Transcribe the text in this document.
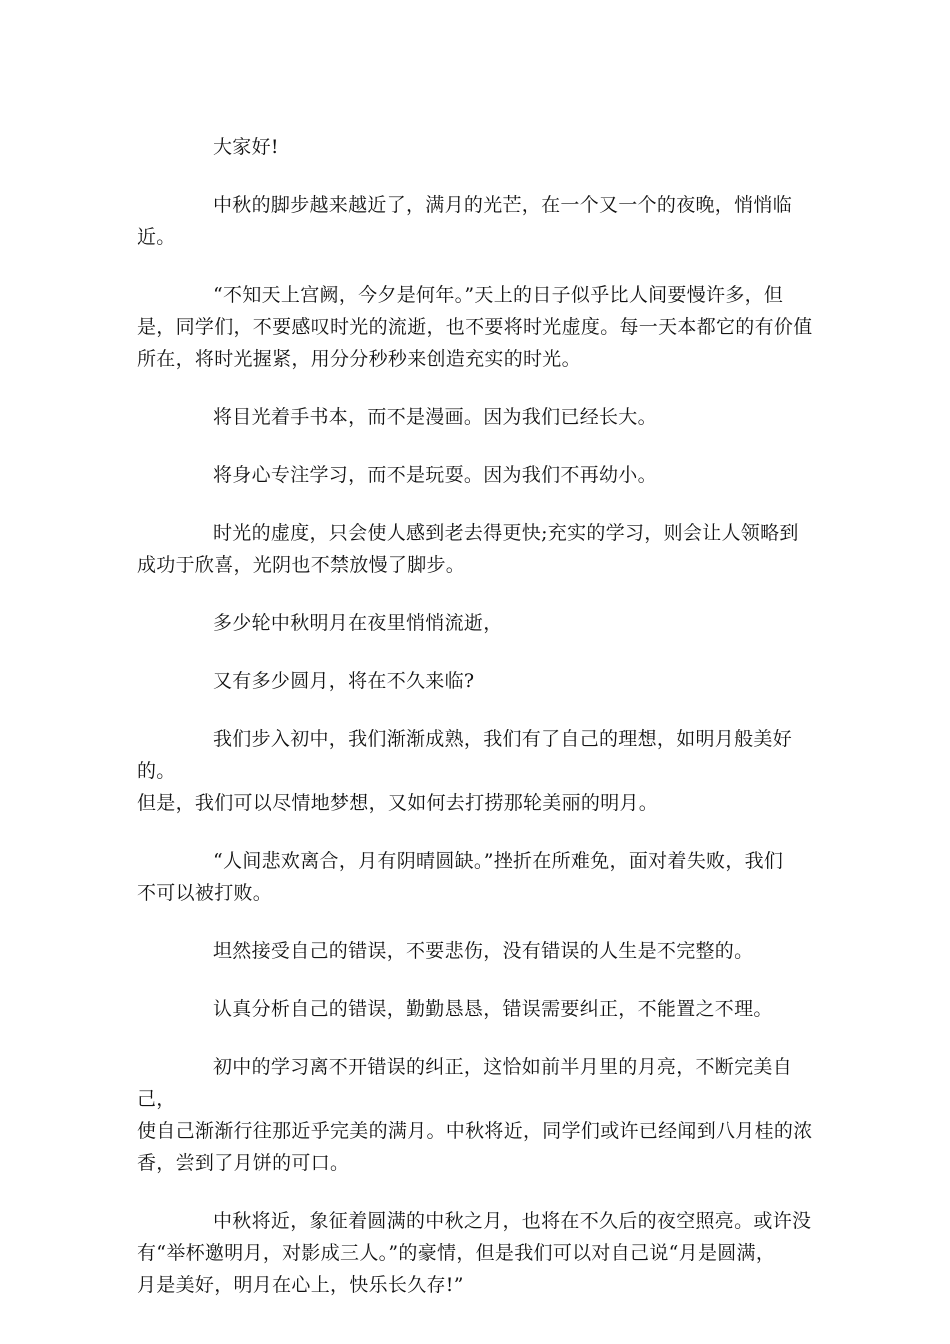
大家好!

中秋的脚步越来越近了，满月的光芒，在一个又一个的夜晚，悄悄临近。

“不知天上宫阙，今夕是何年。”天上的日子似乎比人间要慢许多，但
是，同学们，不要感叹时光的流逝，也不要将时光虚度。每一天本都它的有价值
所在，将时光握紧，用分分秒秒来创造充实的时光。

将目光着手书本，而不是漫画。因为我们已经长大。

将身心专注学习，而不是玩耍。因为我们不再幼小。

时光的虚度，只会使人感到老去得更快;充实的学习，则会让人领略到
成功于欣喜，光阴也不禁放慢了脚步。

多少轮中秋明月在夜里悄悄流逝，

又有多少圆月，将在不久来临?

我们步入初中，我们渐渐成熟，我们有了自己的理想，如明月般美好的。
但是，我们可以尽情地梦想，又如何去打捞那轮美丽的明月。

“人间悲欢离合，月有阴晴圆缺。”挫折在所难免，面对着失败，我们
不可以被打败。

坦然接受自己的错误，不要悲伤，没有错误的人生是不完整的。

认真分析自己的错误，勤勤恳恳，错误需要纠正，不能置之不理。

初中的学习离不开错误的纠正，这恰如前半月里的月亮，不断完美自己，
使自己渐渐行往那近乎完美的满月。中秋将近，同学们或许已经闻到八月桂的浓
香，尝到了月饼的可口。

中秋将近，象征着圆满的中秋之月，也将在不久后的夜空照亮。或许没
有“举杯邀明月，对影成三人。”的豪情，但是我们可以对自己说“月是圆满，
月是美好，明月在心上，快乐长久存!”
